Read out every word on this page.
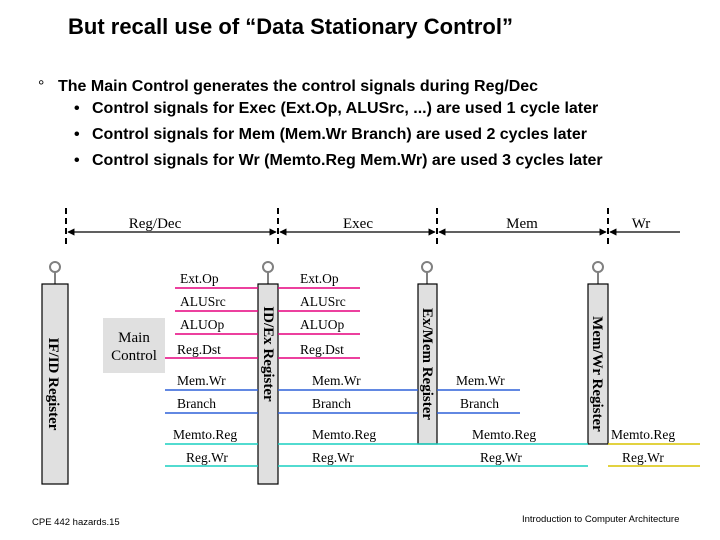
But recall use of “Data Stationary Control”
° The Main Control generates the control signals during Reg/Dec
• Control signals for Exec (Ext.Op, ALUSrc, ...) are used 1 cycle later
• Control signals for Mem (Mem.Wr Branch) are used 2 cycles later
• Control signals for Wr (Memto.Reg Mem.Wr) are used 3 cycles later
Reg/Dec	Exec	Mem	Wr
IF/ID Register	ID/Ex Register	Ex/Mem Register	Mem/Wr Register
Main Control
Ext.Op
ALUSrc
ALUOp
Reg.Dst
Mem.Wr
Branch
Memto.Reg
Reg.Wr
Ext.Op
ALUSrc
ALUOp
Reg.Dst
Mem.Wr
Branch
Memto.Reg
Reg.Wr
Mem.Wr
Branch
Memto.Reg
Reg.Wr
Memto.Reg
Reg.Wr
CPE 442 hazards.15	Introduction to Computer Architecture
